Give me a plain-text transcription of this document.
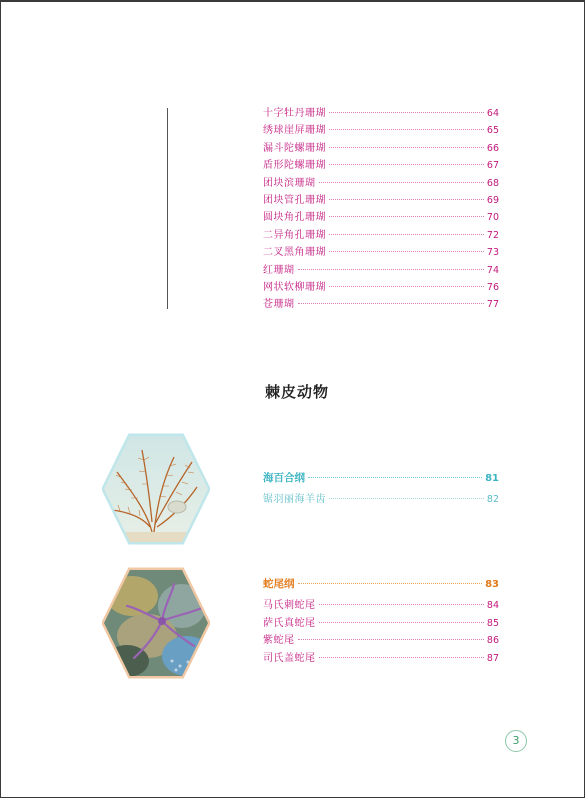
十字牡丹珊瑚	64
绣球崖屏珊瑚	65
漏斗陀螺珊瑚	66
盾形陀螺珊瑚	67
团块滨珊瑚	68
团块管孔珊瑚	69
圆块角孔珊瑚	70
二异角孔珊瑚	72
二叉黑角珊瑚	73
红珊瑚	74
网状软柳珊瑚	76
苍珊瑚	77
棘皮动物
海百合纲	81
锯羽丽海羊齿	82
蛇尾纲	83
马氏刺蛇尾	84
萨氏真蛇尾	85
紫蛇尾	86
司氏盖蛇尾	87
3
